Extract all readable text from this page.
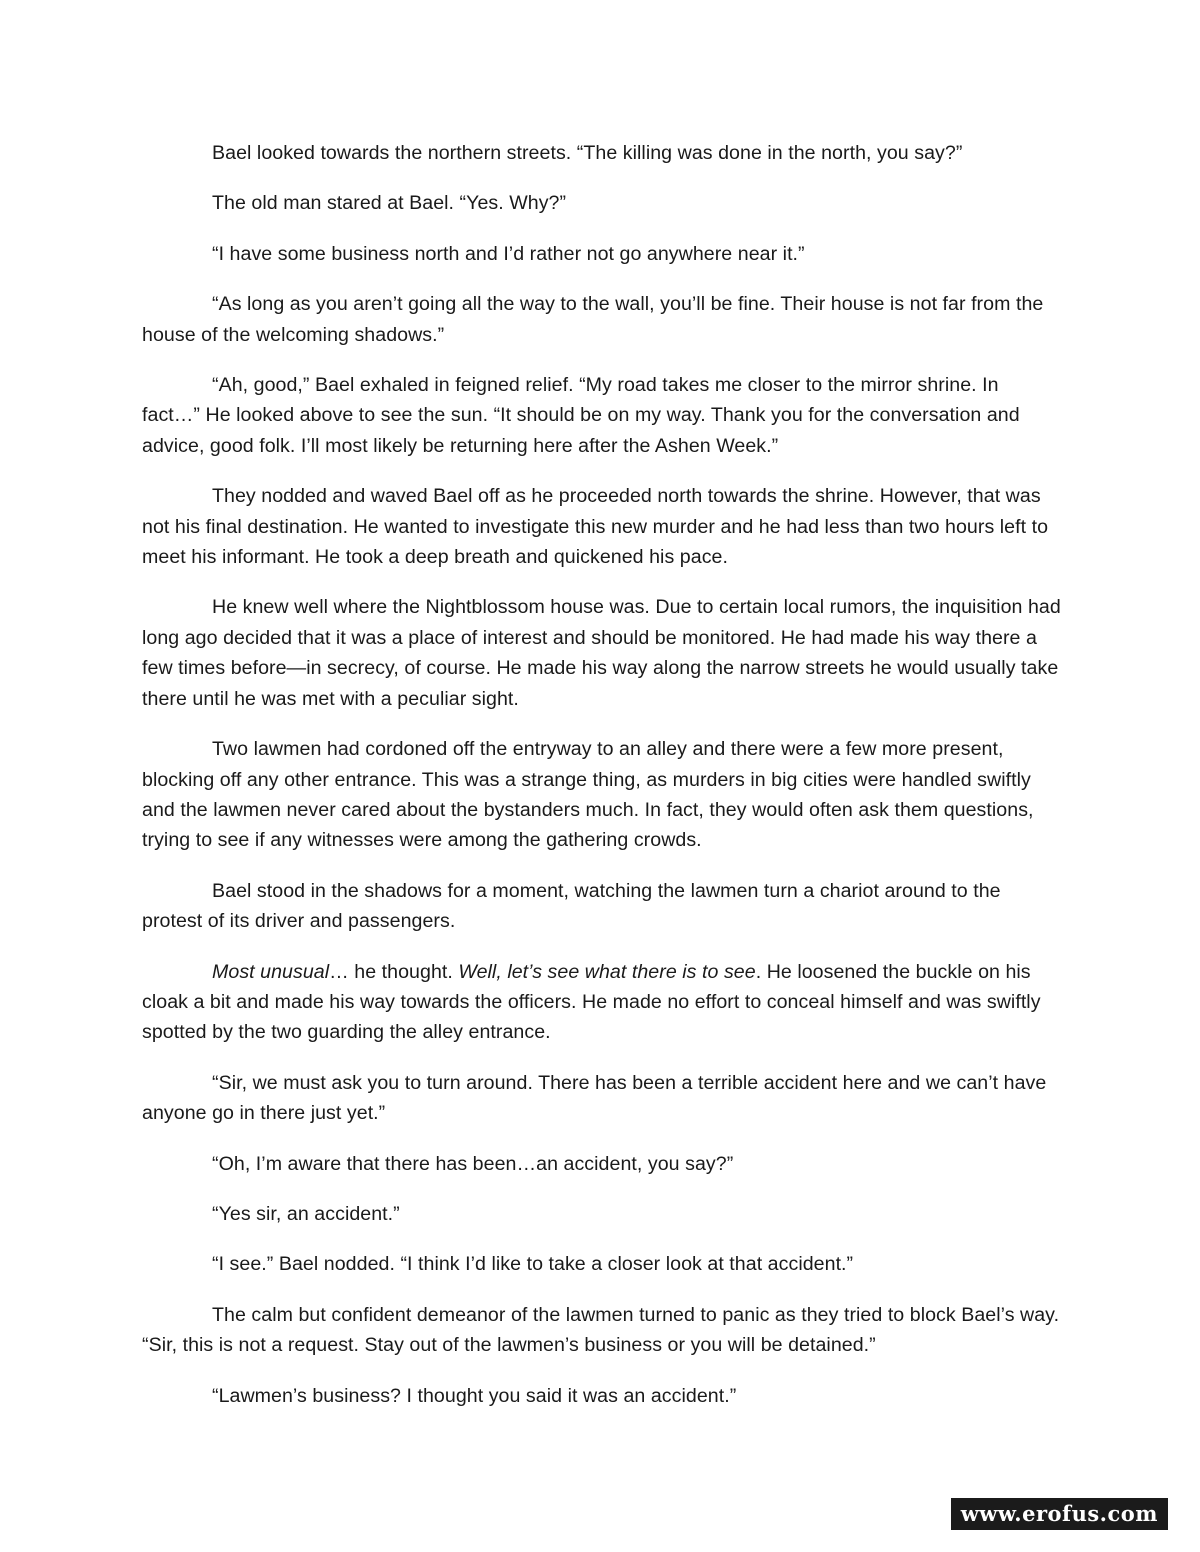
Bael looked towards the northern streets. “The killing was done in the north, you say?”

The old man stared at Bael. “Yes. Why?”

“I have some business north and I’d rather not go anywhere near it.”

“As long as you aren’t going all the way to the wall, you’ll be fine. Their house is not far from the house of the welcoming shadows.”

“Ah, good,” Bael exhaled in feigned relief. “My road takes me closer to the mirror shrine. In fact…” He looked above to see the sun. “It should be on my way. Thank you for the conversation and advice, good folk. I’ll most likely be returning here after the Ashen Week.”

They nodded and waved Bael off as he proceeded north towards the shrine. However, that was not his final destination. He wanted to investigate this new murder and he had less than two hours left to meet his informant. He took a deep breath and quickened his pace.

He knew well where the Nightblossom house was. Due to certain local rumors, the inquisition had long ago decided that it was a place of interest and should be monitored. He had made his way there a few times before—in secrecy, of course. He made his way along the narrow streets he would usually take there until he was met with a peculiar sight.

Two lawmen had cordoned off the entryway to an alley and there were a few more present, blocking off any other entrance. This was a strange thing, as murders in big cities were handled swiftly and the lawmen never cared about the bystanders much. In fact, they would often ask them questions, trying to see if any witnesses were among the gathering crowds.

Bael stood in the shadows for a moment, watching the lawmen turn a chariot around to the protest of its driver and passengers.

Most unusual… he thought. Well, let’s see what there is to see. He loosened the buckle on his cloak a bit and made his way towards the officers. He made no effort to conceal himself and was swiftly spotted by the two guarding the alley entrance.

“Sir, we must ask you to turn around. There has been a terrible accident here and we can’t have anyone go in there just yet.”

“Oh, I’m aware that there has been…an accident, you say?”

“Yes sir, an accident.”

“I see.” Bael nodded. “I think I’d like to take a closer look at that accident.”

The calm but confident demeanor of the lawmen turned to panic as they tried to block Bael’s way. “Sir, this is not a request. Stay out of the lawmen’s business or you will be detained.”

“Lawmen’s business? I thought you said it was an accident.”

www.erofus.com
